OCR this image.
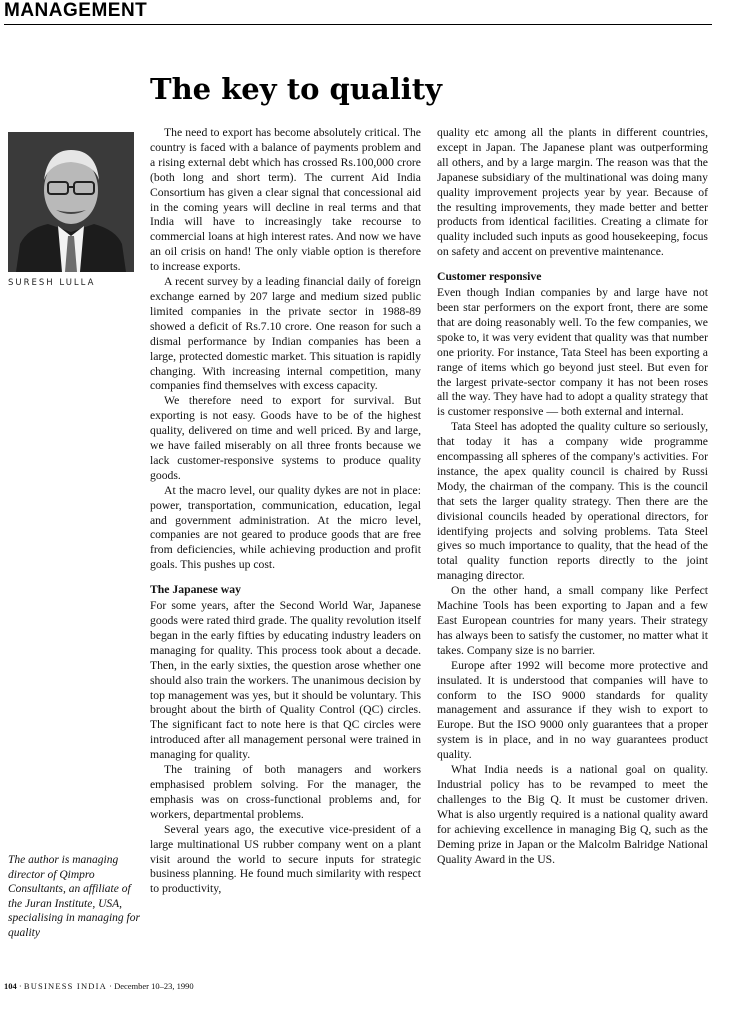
MANAGEMENT
The key to quality
SURESH LULLA
The author is managing director of Qimpro Consultants, an affiliate of the Juran Institute, USA, specialising in managing for quality

The need to export has become absolutely critical. The country is faced with a balance of payments problem and a rising external debt which has crossed Rs.100,000 crore (both long and short term). The current Aid India Consortium has given a clear signal that concessional aid in the coming years will decline in real terms and that India will have to increasingly take recourse to commercial loans at high interest rates. And now we have an oil crisis on hand! The only viable option is therefore to increase exports.

A recent survey by a leading financial daily of foreign exchange earned by 207 large and medium sized public limited companies in the private sector in 1988-89 showed a deficit of Rs.7.10 crore. One reason for such a dismal performance by Indian companies has been a large, protected domestic market. This situation is rapidly changing. With increasing internal competition, many companies find themselves with excess capacity.

We therefore need to export for survival. But exporting is not easy. Goods have to be of the highest quality, delivered on time and well priced. By and large, we have failed miserably on all three fronts because we lack customer-responsive systems to produce quality goods.

At the macro level, our quality dykes are not in place: power, transportation, communication, education, legal and government administration. At the micro level, companies are not geared to produce goods that are free from deficiencies, while achieving production and profit goals. This pushes up cost.

The Japanese way

For some years, after the Second World War, Japanese goods were rated third grade. The quality revolution itself began in the early fifties by educating industry leaders on managing for quality. This process took about a decade. Then, in the early sixties, the question arose whether one should also train the workers. The unanimous decision by top management was yes, but it should be voluntary. This brought about the birth of Quality Control (QC) circles. The significant fact to note here is that QC circles were introduced after all management personal were trained in managing for quality.

The training of both managers and workers emphasised problem solving. For the manager, the emphasis was on cross-functional problems and, for workers, departmental problems.

Several years ago, the executive vice-president of a large multinational US rubber company went on a plant visit around the world to secure inputs for strategic business planning. He found much similarity with respect to productivity,

quality etc among all the plants in different countries, except in Japan. The Japanese plant was outperforming all others, and by a large margin. The reason was that the Japanese subsidiary of the multinational was doing many quality improvement projects year by year. Because of the resulting improvements, they made better and better products from identical facilities. Creating a climate for quality included such inputs as good housekeeping, focus on safety and accent on preventive maintenance.

Customer responsive

Even though Indian companies by and large have not been star performers on the export front, there are some that are doing reasonably well. To the few companies, we spoke to, it was very evident that quality was that number one priority. For instance, Tata Steel has been exporting a range of items which go beyond just steel. But even for the largest private-sector company it has not been roses all the way. They have had to adopt a quality strategy that is customer responsive — both external and internal.

Tata Steel has adopted the quality culture so seriously, that today it has a company wide programme encompassing all spheres of the company's activities. For instance, the apex quality council is chaired by Russi Mody, the chairman of the company. This is the council that sets the larger quality strategy. Then there are the divisional councils headed by operational directors, for identifying projects and solving problems. Tata Steel gives so much importance to quality, that the head of the total quality function reports directly to the joint managing director.

On the other hand, a small company like Perfect Machine Tools has been exporting to Japan and a few East European countries for many years. Their strategy has always been to satisfy the customer, no matter what it takes. Company size is no barrier.

Europe after 1992 will become more protective and insulated. It is understood that companies will have to conform to the ISO 9000 standards for quality management and assurance if they wish to export to Europe. But the ISO 9000 only guarantees that a proper system is in place, and in no way guarantees product quality.

What India needs is a national goal on quality. Industrial policy has to be revamped to meet the challenges to the Big Q. It must be customer driven. What is also urgently required is a national quality award for achieving excellence in managing Big Q, such as the Deming prize in Japan or the Malcolm Balridge National Quality Award in the US.

104 · BUSINESS INDIA · December 10–23, 1990
